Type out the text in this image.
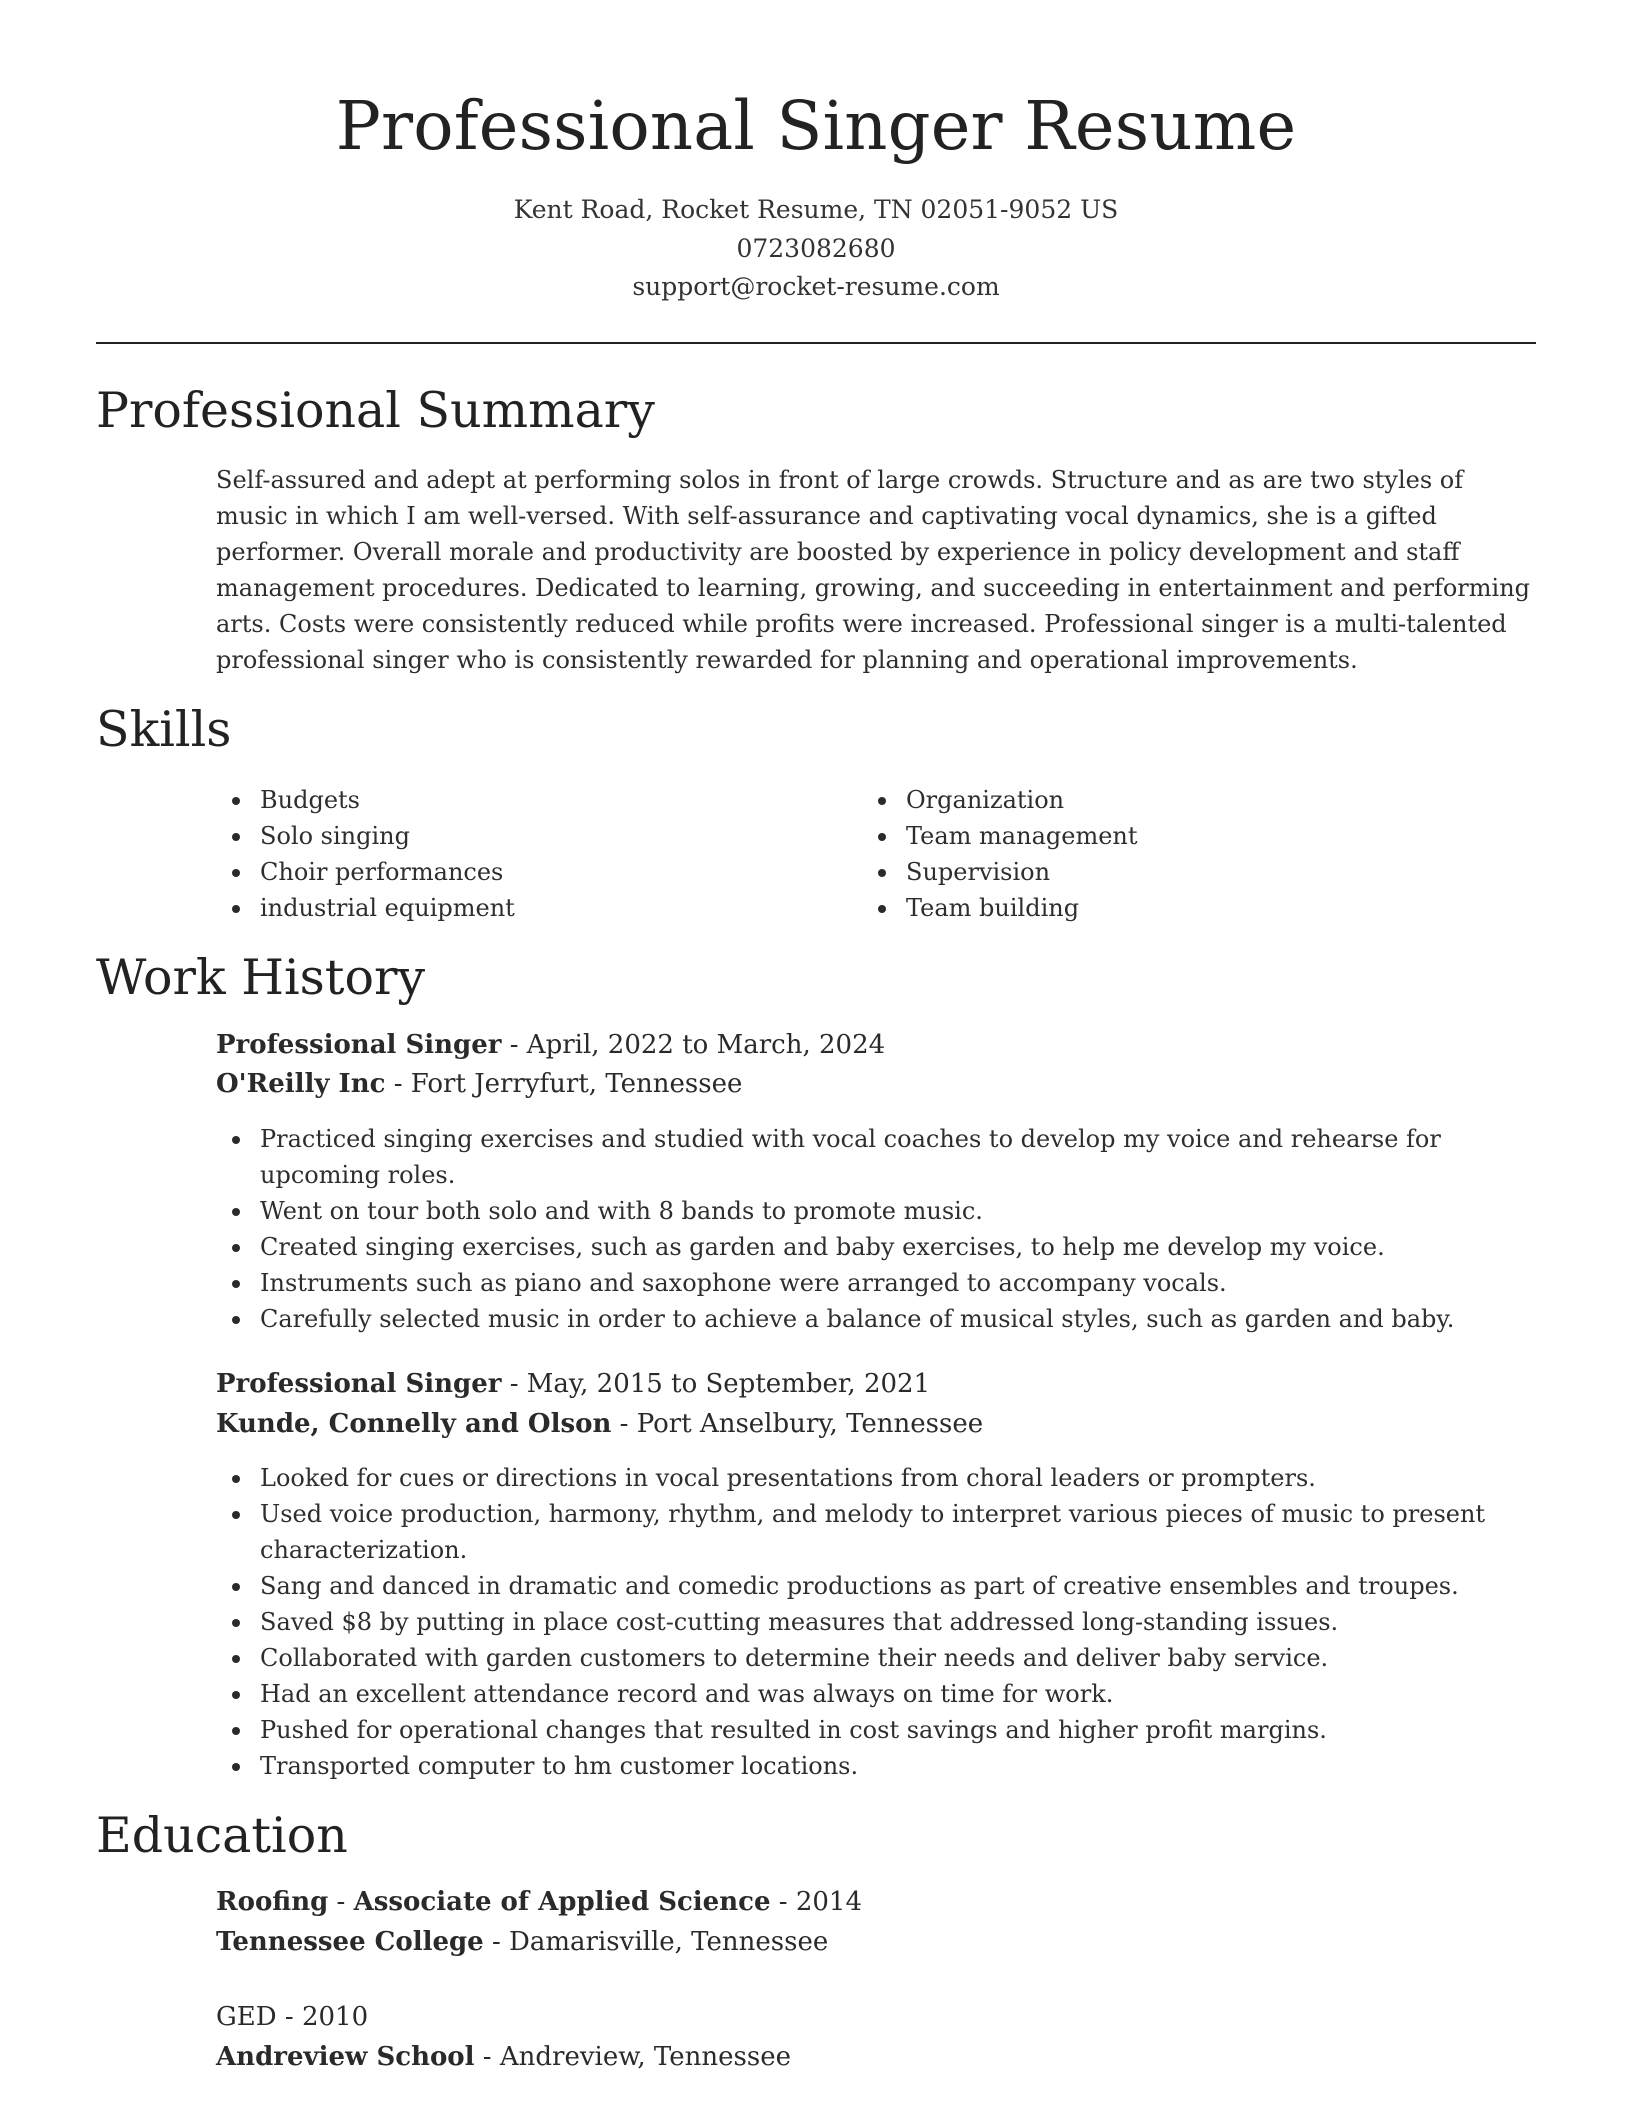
Professional Singer Resume
Kent Road, Rocket Resume, TN 02051-9052 US
0723082680
support@rocket-resume.com
Professional Summary

Self-assured and adept at performing solos in front of large crowds. Structure and as are two styles of music in which I am well-versed. With self-assurance and captivating vocal dynamics, she is a gifted performer. Overall morale and productivity are boosted by experience in policy development and staff management procedures. Dedicated to learning, growing, and succeeding in entertainment and performing arts. Costs were consistently reduced while profits were increased. Professional singer is a multi-talented professional singer who is consistently rewarded for planning and operational improvements.

Skills
Budgets
Solo singing
Choir performances
industrial equipment
Organization
Team management
Supervision
Team building
Work History
Professional Singer - April, 2022 to March, 2024
O'Reilly Inc - Fort Jerryfurt, Tennessee
Practiced singing exercises and studied with vocal coaches to develop my voice and rehearse for upcoming roles.
Went on tour both solo and with 8 bands to promote music.
Created singing exercises, such as garden and baby exercises, to help me develop my voice.
Instruments such as piano and saxophone were arranged to accompany vocals.
Carefully selected music in order to achieve a balance of musical styles, such as garden and baby.
Professional Singer - May, 2015 to September, 2021
Kunde, Connelly and Olson - Port Anselbury, Tennessee
Looked for cues or directions in vocal presentations from choral leaders or prompters.
Used voice production, harmony, rhythm, and melody to interpret various pieces of music to present characterization.
Sang and danced in dramatic and comedic productions as part of creative ensembles and troupes.
Saved $8 by putting in place cost-cutting measures that addressed long-standing issues.
Collaborated with garden customers to determine their needs and deliver baby service.
Had an excellent attendance record and was always on time for work.
Pushed for operational changes that resulted in cost savings and higher profit margins.
Transported computer to hm customer locations.
Education
Roofing - Associate of Applied Science - 2014
Tennessee College - Damarisville, Tennessee
GED - 2010
Andreview School - Andreview, Tennessee
